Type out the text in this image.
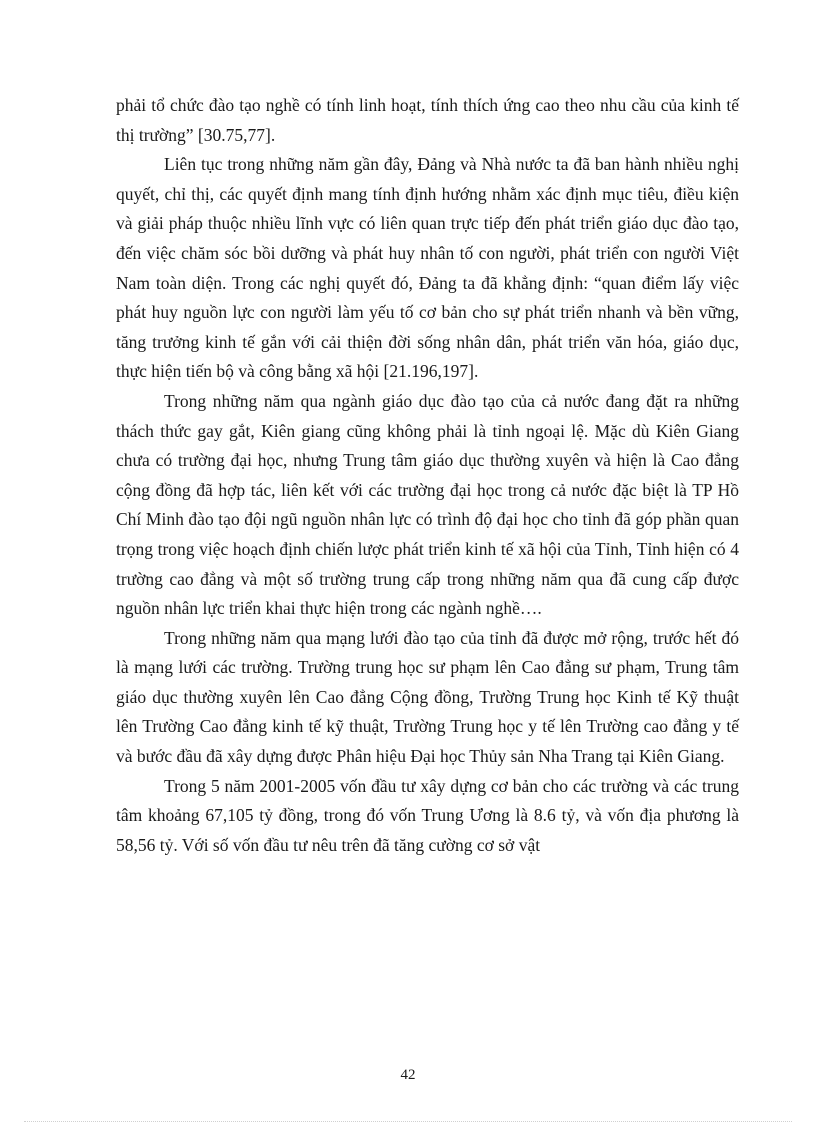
phải tổ chức đào tạo nghề có tính linh hoạt, tính thích ứng cao theo nhu cầu của kinh tế thị trường” [30.75,77].

Liên tục trong những năm gần đây, Đảng và Nhà nước ta đã ban hành nhiều nghị quyết, chỉ thị, các quyết định mang tính định hướng nhằm xác định mục tiêu, điều kiện và giải pháp thuộc nhiều lĩnh vực có liên quan trực tiếp đến phát triển giáo dục đào tạo, đến việc chăm sóc bồi dưỡng và phát huy nhân tố con người, phát triển con người Việt Nam toàn diện. Trong các nghị quyết đó, Đảng ta đã khẳng định: “quan điểm lấy việc phát huy nguồn lực con người làm yếu tố cơ bản cho sự phát triển nhanh và bền vững, tăng trưởng kinh tế gắn với cải thiện đời sống nhân dân, phát triển văn hóa, giáo dục, thực hiện tiến bộ và công bằng xã hội [21.196,197].

Trong những năm qua ngành giáo dục đào tạo của cả nước đang đặt ra những thách thức gay gắt, Kiên giang cũng không phải là tỉnh ngoại lệ. Mặc dù Kiên Giang chưa có trường đại học, nhưng Trung tâm giáo dục thường xuyên và hiện là Cao đẳng cộng đồng đã hợp tác, liên kết với các trường đại học trong cả nước đặc biệt là TP Hồ Chí Minh đào tạo đội ngũ nguồn nhân lực có trình độ đại học cho tỉnh đã góp phần quan trọng trong việc hoạch định chiến lược phát triển kinh tế xã hội của Tỉnh, Tỉnh hiện có 4 trường cao đẳng và một số trường trung cấp trong những năm qua đã cung cấp được nguồn nhân lực triển khai thực hiện trong các ngành nghề….

Trong những năm qua mạng lưới đào tạo của tỉnh đã được mở rộng, trước hết đó là mạng lưới các trường. Trường trung học sư phạm lên Cao đẳng sư phạm, Trung tâm giáo dục thường xuyên lên Cao đẳng Cộng đồng, Trường Trung học Kinh tế Kỹ thuật lên Trường Cao đẳng kinh tế kỹ thuật, Trường Trung học y tế lên Trường cao đẳng y tế và bước đầu đã xây dựng được Phân hiệu Đại học Thủy sản Nha Trang tại Kiên Giang.

Trong 5 năm 2001-2005 vốn đầu tư xây dựng cơ bản cho các trường và các trung tâm khoảng 67,105 tỷ đồng, trong đó vốn Trung Ương là 8.6 tỷ, và vốn địa phương là 58,56 tỷ. Với số vốn đầu tư nêu trên đã tăng cường cơ sở vật

42
